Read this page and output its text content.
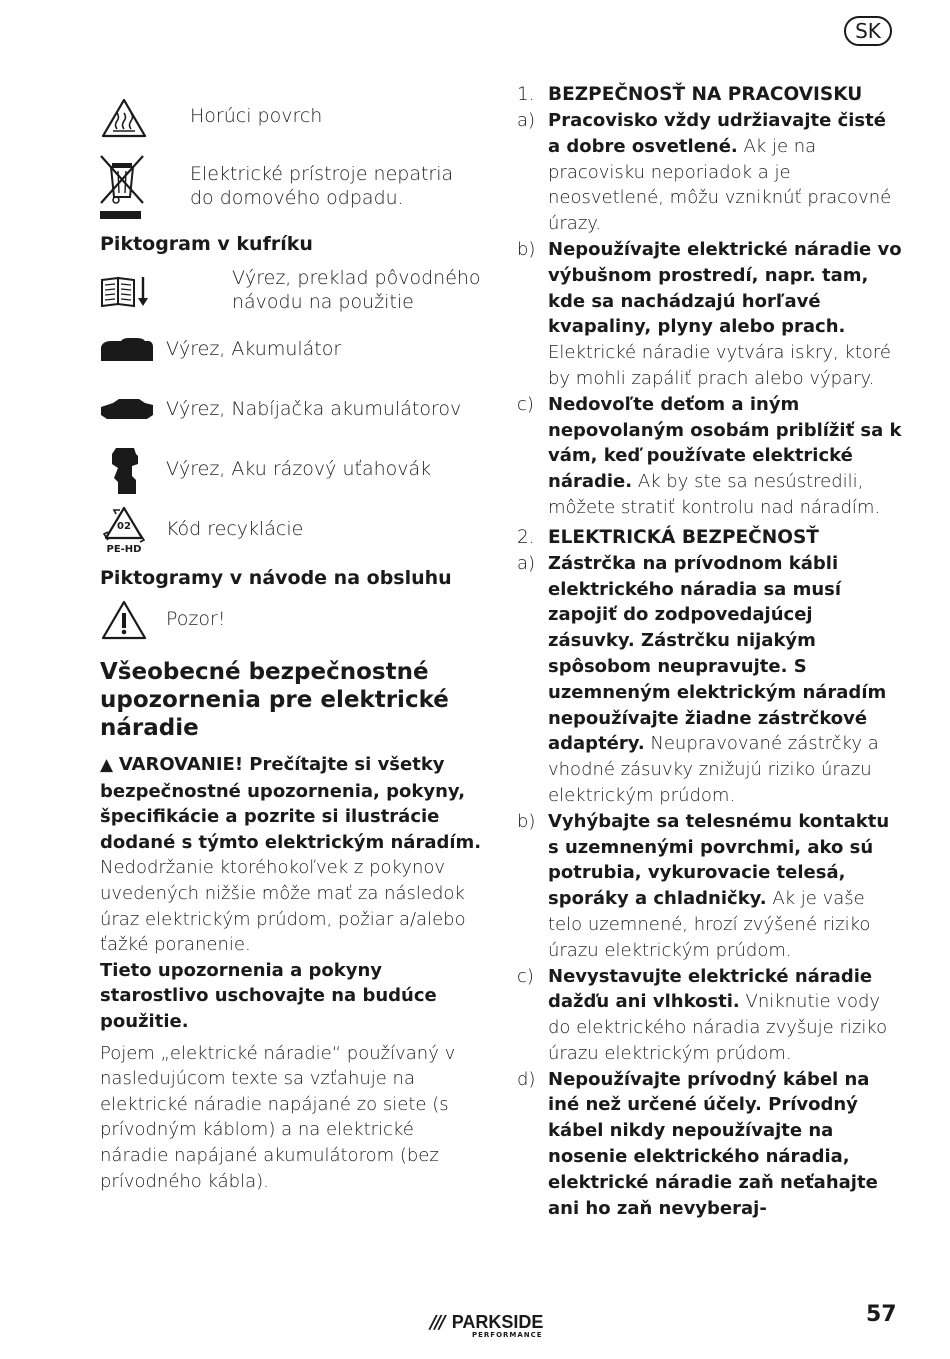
SK
Horúci povrch
Elektrické prístroje nepatria do domového odpadu.
Piktogram v kufríku
Výrez, preklad pôvodného návodu na použitie
Výrez, Akumulátor
Výrez, Nabíjačka akumulátorov
Výrez, Aku rázový uťahovák
02
PE-HD
Kód recyklácie
Piktogramy v návode na obsluhu
Pozor!
Všeobecné bezpečnostné upozornenia pre elektrické náradie
▲ VAROVANIE! Prečítajte si všetky bezpečnostné upozornenia, pokyny, špecifikácie a pozrite si ilustrácie dodané s týmto elektrickým náradím. Nedodržanie ktoréhokoľvek z pokynov uvedených nižšie môže mať za následok úraz elektrickým prúdom, požiar a/alebo ťažké poranenie.
Tieto upozornenia a pokyny starostlivo uschovajte na budúce použitie.
Pojem „elektrické náradie“ používaný v nasledujúcom texte sa vzťahuje na elektrické náradie napájané zo siete (s prívodným káblom) a na elektrické náradie napájané akumulátorom (bez prívodného kábla).
1. BEZPEČNOSŤ NA PRACOVISKU
a) Pracovisko vždy udržiavajte čisté a dobre osvetlené. Ak je na pracovisku neporiadok a je neosvetlené, môžu vzniknúť pracovné úrazy.
b) Nepoužívajte elektrické náradie vo výbušnom prostredí, napr. tam, kde sa nachádzajú horľavé kvapaliny, plyny alebo prach. Elektrické náradie vytvára iskry, ktoré by mohli zapáliť prach alebo výpary.
c) Nedovoľte deťom a iným nepovolaným osobám priblížiť sa k vám, keď používate elektrické náradie. Ak by ste sa nesústredili, môžete stratiť kontrolu nad náradím.
2. ELEKTRICKÁ BEZPEČNOSŤ
a) Zástrčka na prívodnom kábli elektrického náradia sa musí zapojiť do zodpovedajúcej zásuvky. Zástrčku nijakým spôsobom neupravujte. S uzemneným elektrickým náradím nepoužívajte žiadne zástrčkové adaptéry. Neupravované zástrčky a vhodné zásuvky znižujú riziko úrazu elektrickým prúdom.
b) Vyhýbajte sa telesnému kontaktu s uzemnenými povrchmi, ako sú potrubia, vykurovacie telesá, sporáky a chladničky. Ak je vaše telo uzemnené, hrozí zvýšené riziko úrazu elektrickým prúdom.
c) Nevystavujte elektrické náradie dažďu ani vlhkosti. Vniknutie vody do elektrického náradia zvyšuje riziko úrazu elektrickým prúdom.
d) Nepoužívajte prívodný kábel na iné než určené účely. Prívodný kábel nikdy nepoužívajte na nosenie elektrického náradia, elektrické náradie zaň neťahajte ani ho zaň nevyberaj-
/// PARKSIDE
PERFORMANCE
57
